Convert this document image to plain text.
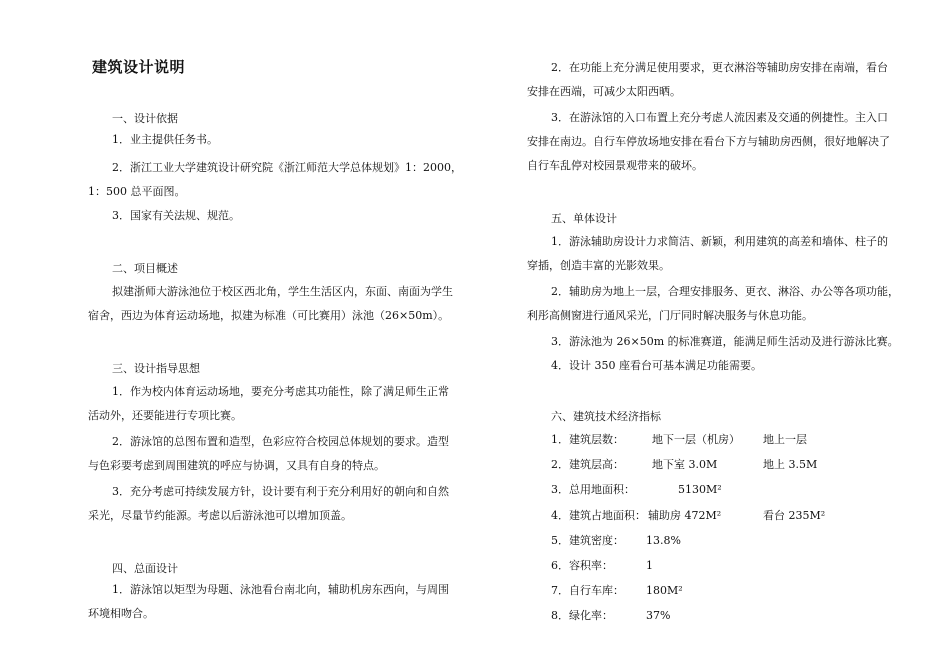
建筑设计说明
一、设计依据
1．业主提供任务书。
2．浙江工业大学建筑设计研究院《浙江师范大学总体规划》1：2000，
1：500 总平面图。
3．国家有关法规、规范。
二、项目概述
拟建浙师大游泳池位于校区西北角，学生生活区内，东面、南面为学生
宿舍，西边为体育运动场地，拟建为标准（可比赛用）泳池（26×50m）。
三、设计指导思想
1．作为校内体育运动场地，要充分考虑其功能性，除了满足师生正常
活动外，还要能进行专项比赛。
2．游泳馆的总图布置和造型，色彩应符合校园总体规划的要求。造型
与色彩要考虑到周围建筑的呼应与协调，又具有自身的特点。
3．充分考虑可持续发展方针，设计要有利于充分利用好的朝向和自然
采光，尽量节约能源。考虑以后游泳池可以增加顶盖。
四、总面设计
1．游泳馆以矩型为母题、泳池看台南北向，辅助机房东西向，与周围
环境相吻合。
2．在功能上充分满足使用要求，更衣淋浴等辅助房安排在南端，看台
安排在西端，可减少太阳西晒。
3．在游泳馆的入口布置上充分考虑人流因素及交通的例捷性。主入口
安排在南边。自行车停放场地安排在看台下方与辅助房西侧，很好地解决了
自行车乱停对校园景观带来的破坏。
五、单体设计
1．游泳辅助房设计力求简洁、新颖，利用建筑的高差和墙体、柱子的
穿插，创造丰富的光影效果。
2．辅助房为地上一层，合理安排服务、更衣、淋浴、办公等各项功能，
利彤高侧窗进行通风采光，门厅同时解决服务与休息功能。
3．游泳池为 26×50m 的标准赛道，能满足师生活动及进行游泳比赛。
4．设计 350 座看台可基本满足功能需要。
六、建筑技术经济指标
1．建筑层数：	地下一层（机房） 地上一层
2．建筑层高：	地下室 3.0M	地上 3.5M
3．总用地面积：	5130M²
4．建筑占地面积： 辅助房 472M²	看台 235M²
5．建筑密度： 13.8%
6．容积率：	1
7．自行车库： 180M²
8．绿化率：	37%
